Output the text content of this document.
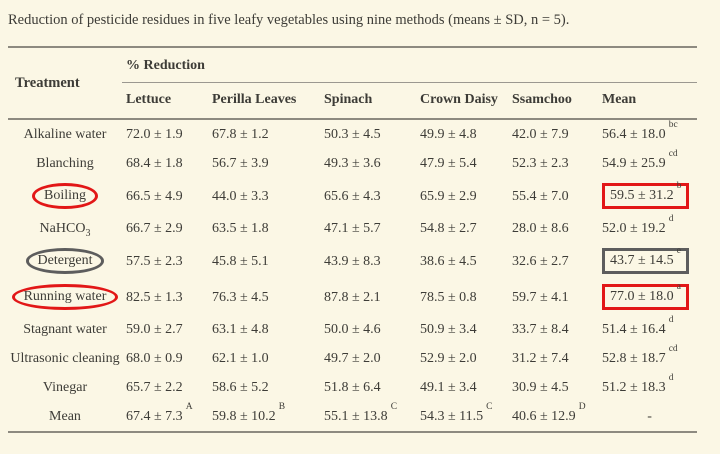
Reduction of pesticide residues in five leafy vegetables using nine methods (means ± SD, n = 5).
Treatment	% Reduction					
	Lettuce	Perilla Leaves	Spinach	Crown Daisy	Ssamchoo	Mean
Alkaline water	72.0 ± 1.9	67.8 ± 1.2	50.3 ± 4.5	49.9 ± 4.8	42.0 ± 7.9	56.4 ± 18.0$^{bc}$
Blanching	68.4 ± 1.8	56.7 ± 3.9	49.3 ± 3.6	47.9 ± 5.4	52.3 ± 2.3	54.9 ± 25.9$^{cd}$
Boiling	66.5 ± 4.9	44.0 ± 3.3	65.6 ± 4.3	65.9 ± 2.9	55.4 ± 7.0	59.5 ± 31.2$^b$
NaHCO$_3$	66.7 ± 2.9	63.5 ± 1.8	47.1 ± 5.7	54.8 ± 2.7	28.0 ± 8.6	52.0 ± 19.2$^d$
Detergent	57.5 ± 2.3	45.8 ± 5.1	43.9 ± 8.3	38.6 ± 4.5	32.6 ± 2.7	43.7 ± 14.5$^e$
Running water	82.5 ± 1.3	76.3 ± 4.5	87.8 ± 2.1	78.5 ± 0.8	59.7 ± 4.1	77.0 ± 18.0$^a$
Stagnant water	59.0 ± 2.7	63.1 ± 4.8	50.0 ± 4.6	50.9 ± 3.4	33.7 ± 8.4	51.4 ± 16.4$^d$
Ultrasonic cleaning	68.0 ± 0.9	62.1 ± 1.0	49.7 ± 2.0	52.9 ± 2.0	31.2 ± 7.4	52.8 ± 18.7$^{cd}$
Vinegar	65.7 ± 2.2	58.6 ± 5.2	51.8 ± 6.4	49.1 ± 3.4	30.9 ± 4.5	51.2 ± 18.3$^d$
Mean	$67.4 \pm 7.3^A$	$59.8 \pm 10.2^B$	$55.1 \pm 13.8^C$	$54.3 \pm 11.5^C$	$40.6 \pm 12.9^D$	-
